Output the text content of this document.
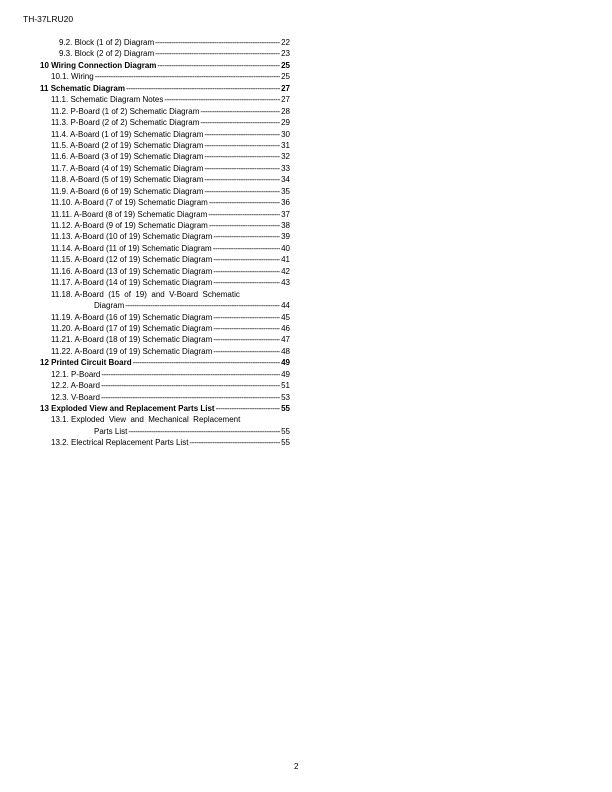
TH-37LRU20
9.2. Block (1 of 2) Diagram -----	22
9.3. Block (2 of 2) Diagram -----	23
10 Wiring Connection Diagram -----	25
10.1. Wiring -----	25
11 Schematic Diagram -----	27
11.1. Schematic Diagram Notes -----	27
11.2. P-Board (1 of 2) Schematic Diagram -----	28
11.3. P-Board (2 of 2) Schematic Diagram -----	29
11.4. A-Board (1 of 19) Schematic Diagram -----	30
11.5. A-Board (2 of 19) Schematic Diagram -----	31
11.6. A-Board (3 of 19) Schematic Diagram -----	32
11.7. A-Board (4 of 19) Schematic Diagram -----	33
11.8. A-Board (5 of 19) Schematic Diagram -----	34
11.9. A-Board (6 of 19) Schematic Diagram -----	35
11.10. A-Board (7 of 19) Schematic Diagram -----	36
11.11. A-Board (8 of 19) Schematic Diagram -----	37
11.12. A-Board (9 of 19) Schematic Diagram -----	38
11.13. A-Board (10 of 19) Schematic Diagram -----	39
11.14. A-Board (11 of 19) Schematic Diagram -----	40
11.15. A-Board (12 of 19) Schematic Diagram -----	41
11.16. A-Board (13 of 19) Schematic Diagram -----	42
11.17. A-Board (14 of 19) Schematic Diagram -----	43
11.18. A-Board  (15  of  19)  and  V-Board  Schematic
Diagram -----	44
11.19. A-Board (16 of 19) Schematic Diagram -----	45
11.20. A-Board (17 of 19) Schematic Diagram -----	46
11.21. A-Board (18 of 19) Schematic Diagram -----	47
11.22. A-Board (19 of 19) Schematic Diagram -----	48
12 Printed Circuit Board -----	49
12.1. P-Board -----	49
12.2. A-Board -----	51
12.3. V-Board -----	53
13 Exploded View and Replacement Parts List -----	55
13.1. Exploded  View  and  Mechanical  Replacement
Parts List -----	55
13.2. Electrical Replacement Parts List -----	55
2
